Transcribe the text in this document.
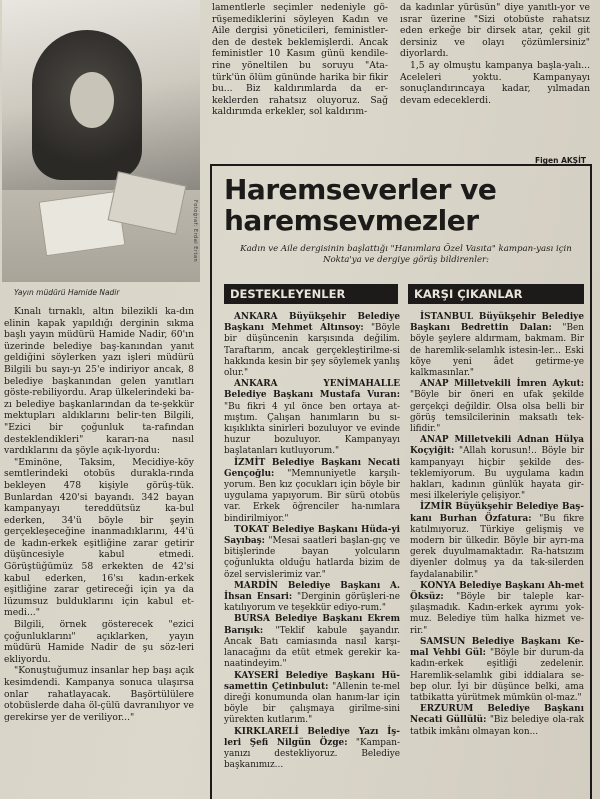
Fotoğraf: Erdal Ertan
Yayın müdürü Hamide Nadir

Kınalı tırnaklı, altın bilezikli ka-dın elinin kapak yapıldığı derginin sıkma başlı yayın müdürü Hamide Nadir, 60'ın üzerinde belediye baş-kanından yanıt geldiğini söylerken yazı işleri müdürü Bilgili bu sayı-yı 25'e indiriyor ancak, 8 belediye başkanından gelen yanıtları göste-rebiliyordu. Arap ülkelerindeki ba-zı belediye başkanlarından da te-şekkür mektupları aldıklarını belir-ten Bilgili, "Ezici bir çoğunluk ta-rafından desteklendikleri" kararı-na nasıl vardıklarını da şöyle açık-lıyordu:

"Eminöne, Taksim, Mecidiye-köy semtlerindeki otobüs durakla-rında bekleyen 478 kişiyle görüş-tük. Bunlardan 420'si bayandı. 342 bayan kampanyayı tereddütsüz ka-bul ederken, 34'ü böyle bir şeyin gerçekleşeceğine inanmadıklarını, 44'ü de kadın-erkek eşitliğine zarar getirir düşüncesiyle kabul etmedi. Görüştüğümüz 58 erkekten de 42'si kabul ederken, 16'sı kadın-erkek eşitliğine zarar getireceği için ya da lüzumsuz bulduklarını için kabul et-medi..."

Bilgili, örnek gösterecek "ezici çoğunluklarını" açıklarken, yayın müdürü Hamide Nadir de şu söz-leri ekliyordu.

"Konuştuğumuz insanlar hep başı açık kesimdendi. Kampanya sonuca ulaşırsa onlar rahatlayacak. Başörtülülere otobüslerde daha öl-çülü davranılıyor ve gerekirse yer de veriliyor..."

lamentlerle seçimler nedeniyle gö-rüşemediklerini söyleyen Kadın ve Aile dergisi yöneticileri, feministler-den de destek beklemişlerdi. Ancak feministler 10 Kasım günü kendile-rine yöneltilen bu soruyu "Ata-türk'ün ölüm gününde harika bir fikir bu... Biz kaldırımlarda da er-keklerden rahatsız oluyoruz. Sağ kaldırımda erkekler, sol kaldırım-

da kadınlar yürüsün" diye yanıtlı-yor ve ısrar üzerine "Sizi otobüste rahatsız eden erkeğe bir dirsek atar, çekil git dersiniz ve olayı çözümlersiniz" diyorlardı.

1,5 ay olmuştu kampanya başla-yalı... Aceleleri yoktu. Kampanyayı sonuçlandırıncaya kadar, yılmadan devam edeceklerdi.

Figen AKŞİT
Haremseverler ve
haremsevmezler
Kadın ve Aile dergisinin başlattığı "Hanımlara Özel Vasıta" kampan-yası için Nokta'ya ve dergiye görüş bildirenler:
DESTEKLEYENLER	KARŞI ÇIKANLAR

ANKARA Büyükşehir Belediye Başkanı Mehmet Altınsoy: "Böyle bir düşüncenin karşısında değilim. Taraftarım, ancak gerçekleştirilme-si hakkında kesin bir şey söylemek yanlış olur."

ANKARA YENİMAHALLE Belediye Başkanı Mustafa Vuran: "Bu fikri 4 yıl önce ben ortaya at-mıştım. Çalışan hanımların bu sı-kışıklıkta sinirleri bozuluyor ve evinde huzur bozuluyor. Kampanyayı başlatanları kutluyorum."

İZMİT Belediye Başkanı Necati Gençoğlu: "Memnuniyetle karşılı-yorum. Ben kız çocukları için böyle bir uygulama yapıyorum. Bir sürü otobüs var. Erkek öğrenciler ha-nımlara bindirilmiyor."

TOKAT Belediye Başkanı Hüda-yi Sayıbaş: "Mesai saatleri başlan-gıç ve bitişlerinde bayan yolcuların çoğunlukta olduğu hatlarda bizim de özel servislerimiz var."

MARDİN Belediye Başkanı A. İhsan Ensari: "Derginin görüşleri-ne katılıyorum ve teşekkür ediyo-rum."

BURSA Belediye Başkanı Ekrem Barışık: "Teklif kabule şayandır. Ancak Batı camiasında nasıl karşı-lanacağını da etüt etmek gerekir ka-naatindeyim."

KAYSERİ Belediye Başkanı Hü-samettin Çetinbulut: "Allenin te-mel direği konumunda olan hanım-lar için böyle bir çalışmaya girilme-sini yürekten kutlarım."

KIRKLARELİ Belediye Yazı İş-leri Şefi Nilgün Özge: "Kampan-yanızı destekliyoruz. Belediye başkanımız...

İSTANBUL Büyükşehir Belediye Başkanı Bedrettin Dalan: "Ben böyle şeylere aldırmam, bakmam. Bir de haremlik-selamlık istesin-ler... Eski köye yeni âdet getirme-ye kalkmasınlar."

ANAP Milletvekili İmren Aykut: "Böyle bir öneri en ufak şekilde gerçekçi değildir. Olsa olsa belli bir görüş temsilcilerinin maksatlı tek-lifidir."

ANAP Milletvekili Adnan Hülya Koçyiğit: "Allah korusun!.. Böyle bir kampanyayı hiçbir şekilde des-teklemiyorum. Bu uygulama kadın hakları, kadının günlük hayata gir-mesi ilkeleriyle çelişiyor."

İZMİR Büyükşehir Belediye Baş-kanı Burhan Özfatura: "Bu fikre katılmıyoruz. Türkiye gelişmiş ve modern bir ülkedir. Böyle bir ayrı-ma gerek duyulmamaktadır. Ra-hatsızım diyenler dolmuş ya da tak-silerden faydalanabilir."

KONYA Belediye Başkanı Ah-met Öksüz: "Böyle bir taleple kar-şılaşmadık. Kadın-erkek ayrımı yok-muz. Belediye tüm halka hizmet ve-rir."

SAMSUN Belediye Başkanı Ke-mal Vehbi Gül: "Böyle bir durum-da kadın-erkek eşitliği zedelenir. Haremlik-selamlık gibi iddialara se-bep olur. İyi bir düşünce belki, ama tatbikatta yürütmek mümkün ol-maz."

ERZURUM Belediye Başkanı Necati Güllülü: "Biz belediye ola-rak tatbik imkânı olmayan kon...
